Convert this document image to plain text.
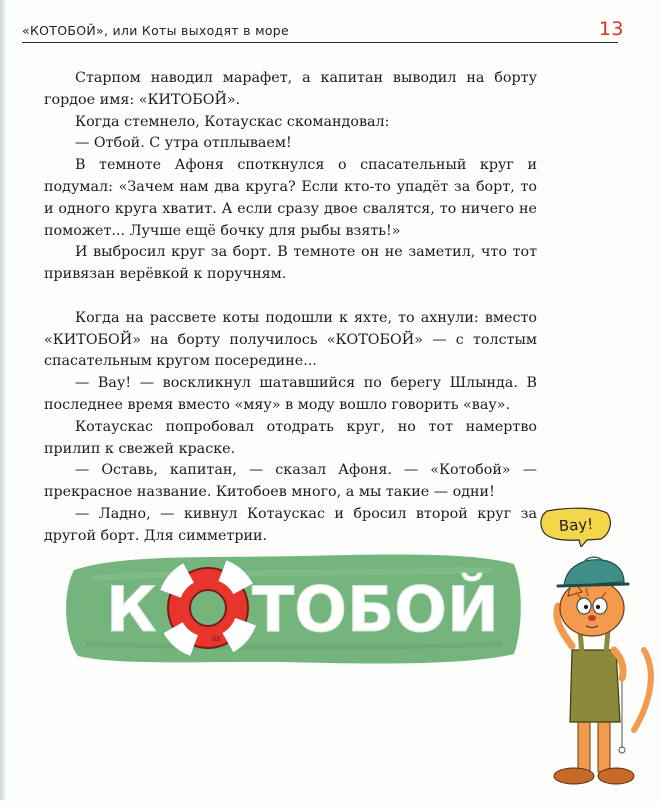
«КОТОБОЙ», или Коты выходят в море	13

Старпом наводил марафет, а капитан выводил на борту гордое имя: «КИТОБОЙ».

Когда стемнело, Котаускас скомандовал:

— Отбой. С утра отплываем!

В темноте Афоня споткнулся о спасательный круг и подумал: «Зачем нам два круга? Если кто-то упадёт за борт, то и одного круга хватит. А если сразу двое свалятся, то ничего не поможет... Лучше ещё бочку для рыбы взять!»

И выбросил круг за борт. В темноте он не заметил, что тот привязан верёвкой к поручням.

Когда на рассвете коты подошли к яхте, то ахнули: вместо «КИТОБОЙ» на борту получилось «КОТОБОЙ» — с толстым спасательным кругом посередине...

— Вау! — воскликнул шатавшийся по берегу Шлында. В последнее время вместо «мяу» в моду вошло говорить «вау».

Котаускас попробовал отодрать круг, но тот намертво прилип к свежей краске.

— Оставь, капитан, — сказал Афоня. — «Котобой» — прекрасное название. Китобоев много, а мы такие — одни!

— Ладно, — кивнул Котаускас и бросил второй круг за другой борт. Для симметрии.

К	NB ТОБОЙ
Вау!
